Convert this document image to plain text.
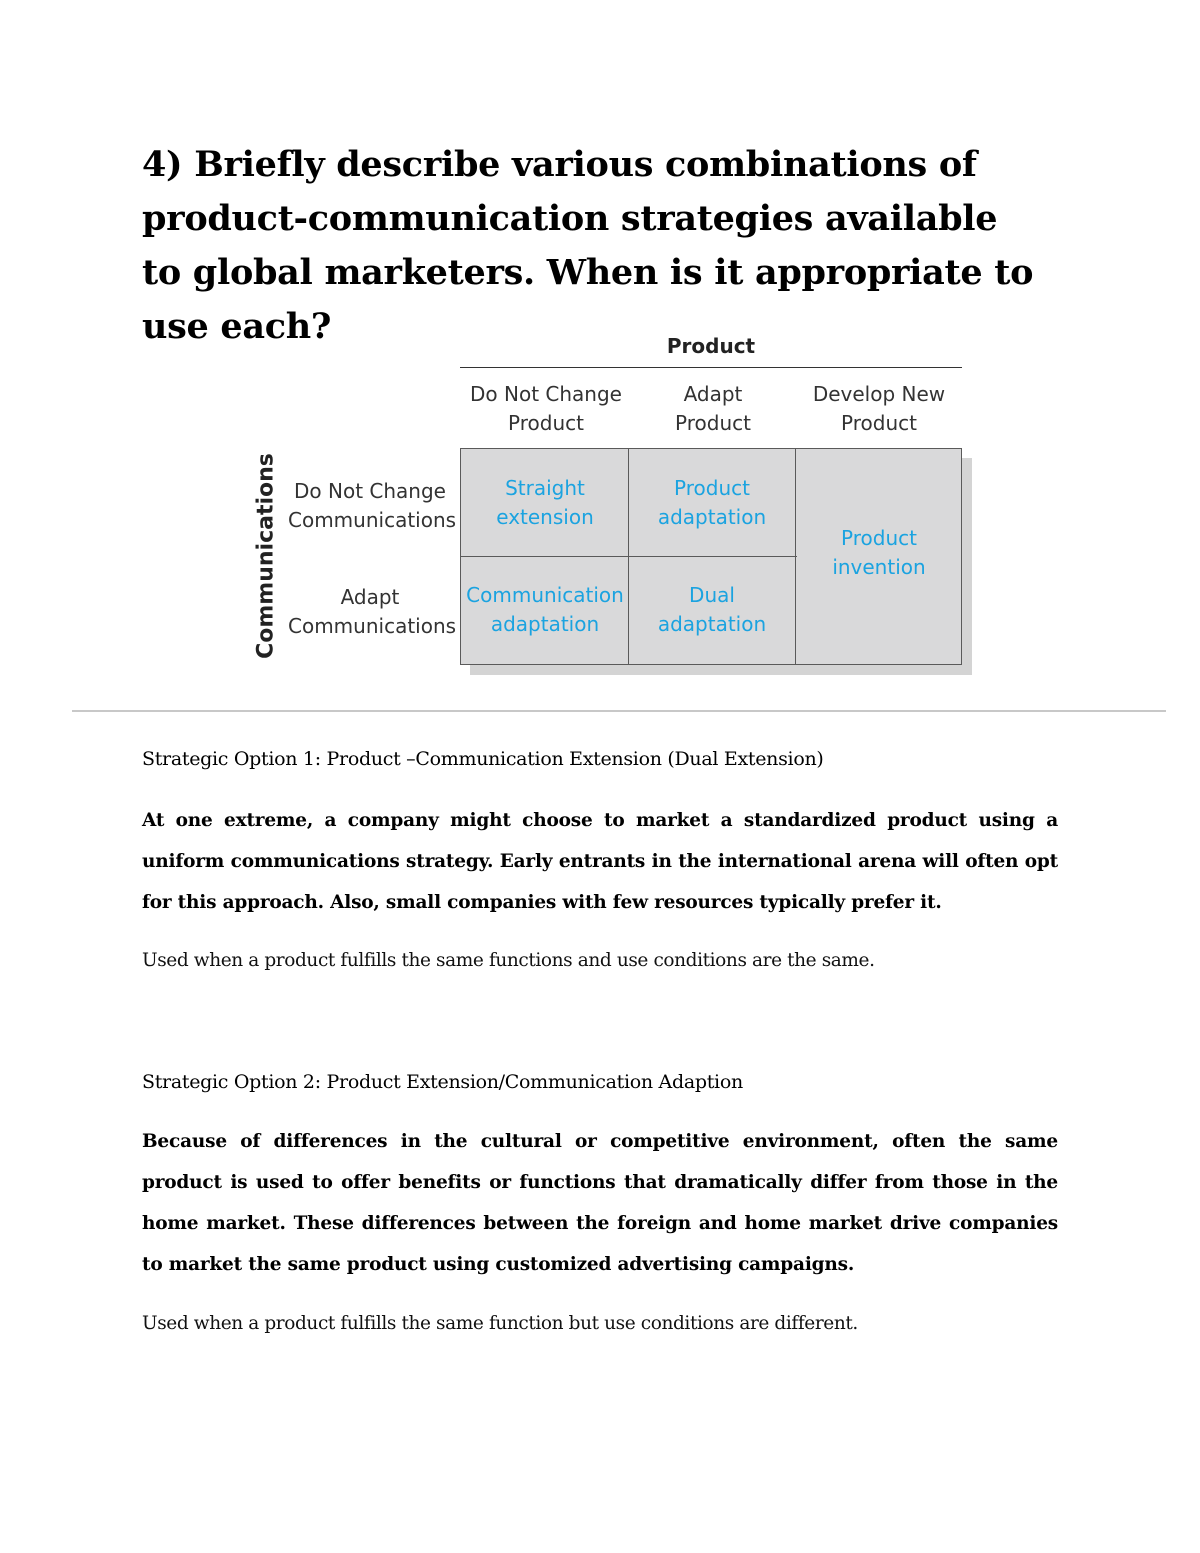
4) Briefly describe various combinations of product-communication strategies available to global marketers. When is it appropriate to use each?	Product
Do Not Change
Product
Adapt
Product
Develop New
Product
Communications Do Not Change
Communications
Adapt
Communications
Straight
extension
Product
adaptation
Communication
adaptation
Dual
adaptation
Product
invention

Strategic Option 1: Product –Communication Extension (Dual Extension)

At one extreme, a company might choose to market a standardized product using a uniform communications strategy. Early entrants in the international arena will often opt for this approach. Also, small companies with few resources typically prefer it.

Used when a product fulfills the same functions and use conditions are the same.

Strategic Option 2: Product Extension/Communication Adaption

Because of differences in the cultural or competitive environment, often the same product is used to offer benefits or functions that dramatically differ from those in the home market. These differences between the foreign and home market drive companies to market the same product using customized advertising campaigns.

Used when a product fulfills the same function but use conditions are different.
